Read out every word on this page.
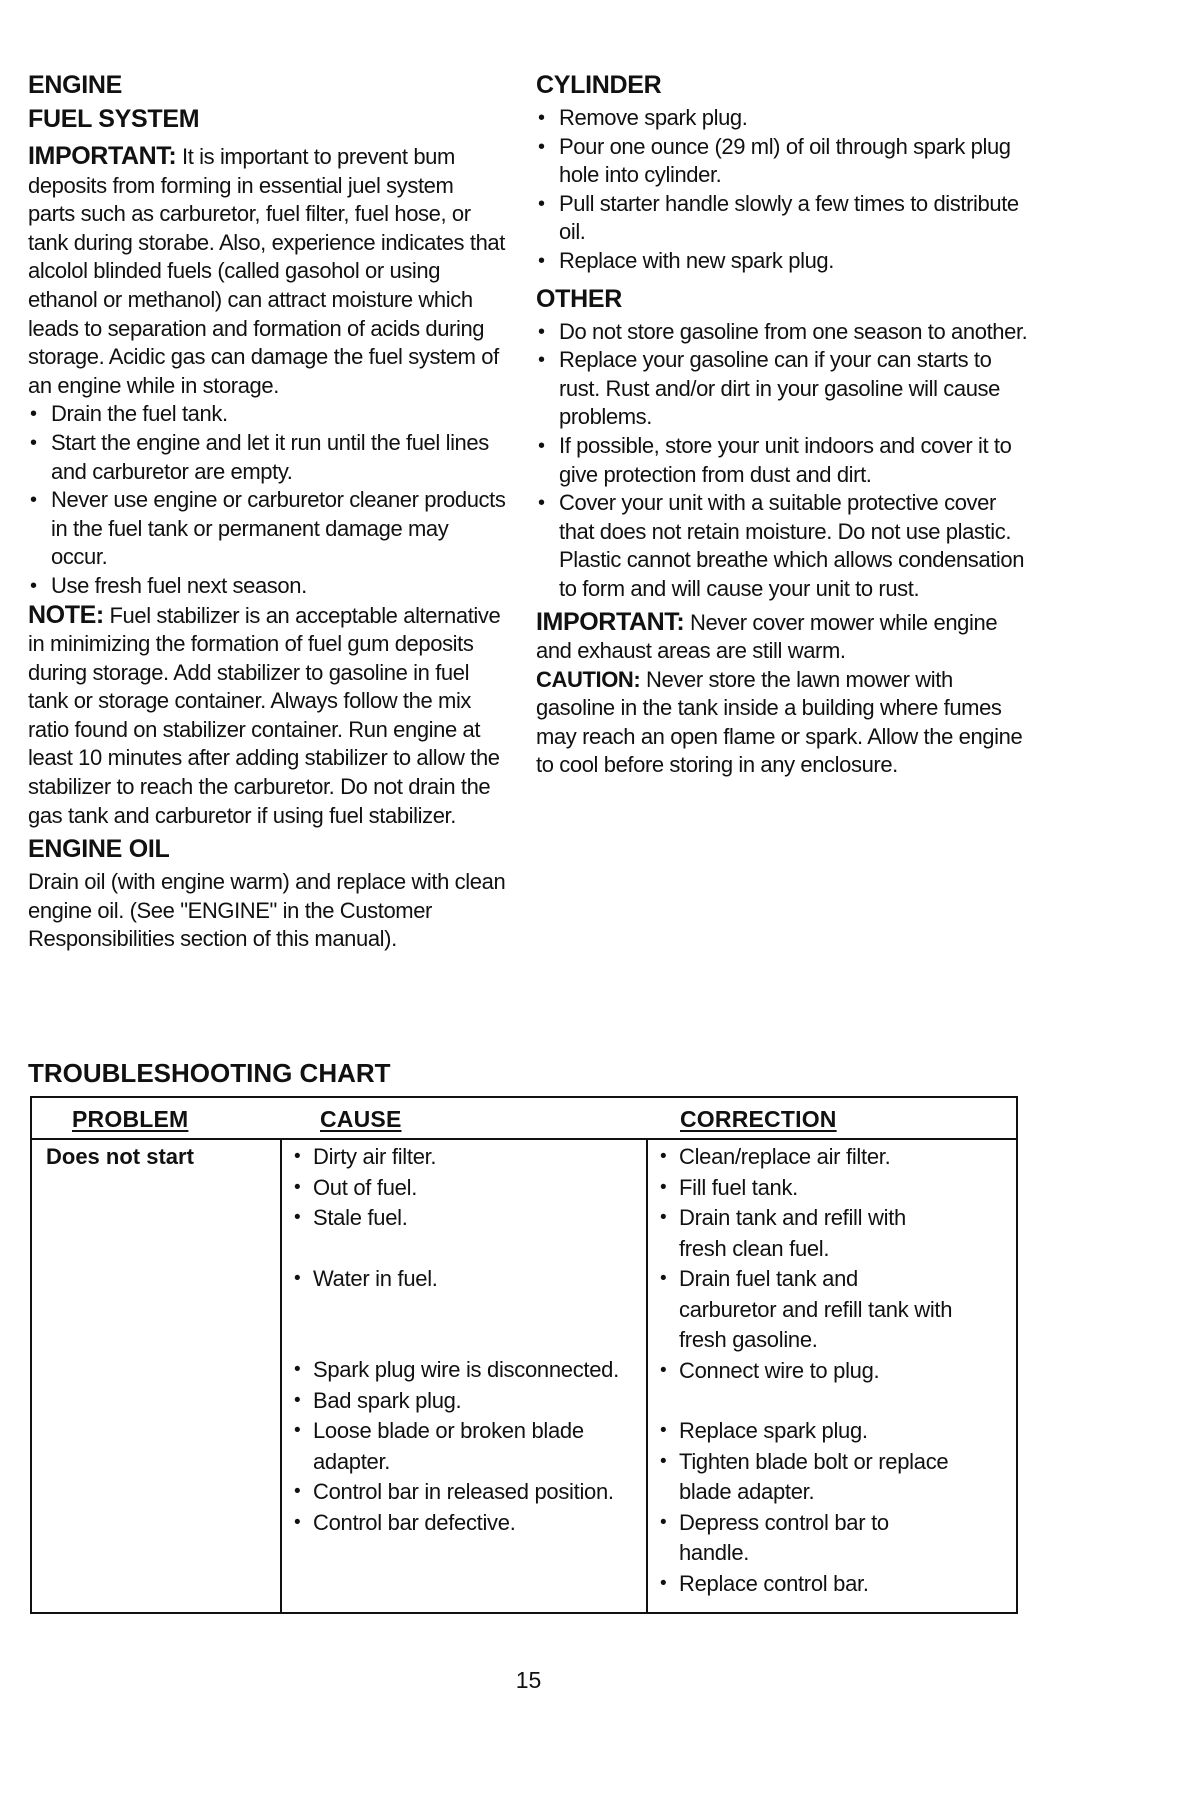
ENGINE
FUEL SYSTEM

IMPORTANT: It is important to prevent bum deposits from forming in essential juel system parts such as carburetor, fuel filter, fuel hose, or tank during storabe. Also, experience indicates that alcolol blinded fuels (called gasohol or using ethanol or methanol) can attract moisture which leads to separation and formation of acids during storage. Acidic gas can damage the fuel system of an engine while in storage.

• Drain the fuel tank.
• Start the engine and let it run until the fuel lines and carburetor are empty.
• Never use engine or carburetor cleaner products in the fuel tank or permanent damage may occur.
• Use fresh fuel next season.

NOTE: Fuel stabilizer is an acceptable alternative in minimizing the formation of fuel gum deposits during storage. Add stabilizer to gasoline in fuel tank or storage container. Always follow the mix ratio found on stabilizer container. Run engine at least 10 minutes after adding stabilizer to allow the stabilizer to reach the carburetor. Do not drain the gas tank and carburetor if using fuel stabilizer.

ENGINE OIL

Drain oil (with engine warm) and replace with clean engine oil. (See "ENGINE" in the Customer Responsibilities section of this manual).

CYLINDER
• Remove spark plug.
• Pour one ounce (29 ml) of oil through spark plug hole into cylinder.
• Pull starter handle slowly a few times to distribute oil.
• Replace with new spark plug.
OTHER
• Do not store gasoline from one season to another.
• Replace your gasoline can if your can starts to rust. Rust and/or dirt in your gasoline will cause problems.
• If possible, store your unit indoors and cover it to give protection from dust and dirt.
• Cover your unit with a suitable protective cover that does not retain moisture. Do not use plastic. Plastic cannot breathe which allows condensation to form and will cause your unit to rust.

IMPORTANT: Never cover mower while engine and exhaust areas are still warm.

CAUTION: Never store the lawn mower with gasoline in the tank inside a building where fumes may reach an open flame or spark. Allow the engine to cool before storing in any enclosure.

TROUBLESHOOTING CHART
PROBLEM	CAUSE	CORRECTION
Does not start
•	Dirty air filter.
• Out of fuel.
• Stale fuel.
• Water in fuel.
• Spark plug wire is disconnected.
• Bad spark plug.
• Loose blade or broken blade adapter.
• Control bar in released position.
• Control bar defective.
• Clean/replace air filter.
• Fill fuel tank.
• Drain tank and refill with fresh clean fuel.
• Drain fuel tank and carburetor and refill tank with fresh gasoline.
• Connect wire to plug.
• Replace spark plug.
• Tighten blade bolt or replace blade adapter.
• Depress control bar to handle.
• Replace control bar.
15
